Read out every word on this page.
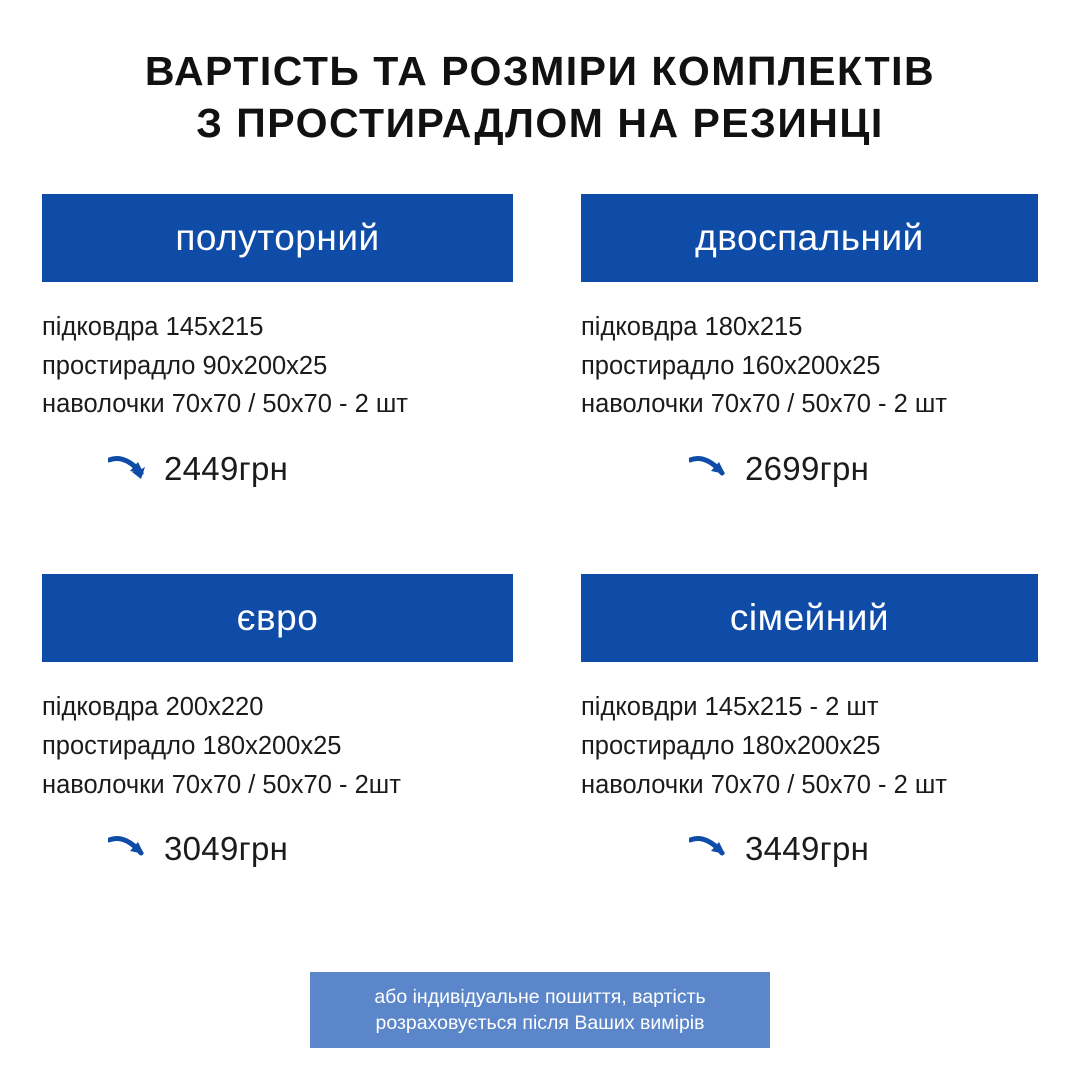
ВАРТІСТЬ ТА РОЗМІРИ КОМПЛЕКТІВ
З ПРОСТИРАДЛОМ НА РЕЗИНЦІ
полуторний
підковдра 145х215
простирадло 90х200х25
наволочки 70х70 / 50х70 - 2 шт
2449грн
двоспальний
підковдра 180х215
простирадло 160х200х25
наволочки 70х70 / 50х70 - 2 шт
2699грн
євро
підковдра 200х220
простирадло 180х200х25
наволочки 70х70 / 50х70 - 2шт
3049грн
сімейний
підковдри 145х215 - 2 шт
простирадло 180х200х25
наволочки 70х70 / 50х70 - 2 шт
3449грн
або індивідуальне пошиття, вартість
розраховується після Ваших вимірів
